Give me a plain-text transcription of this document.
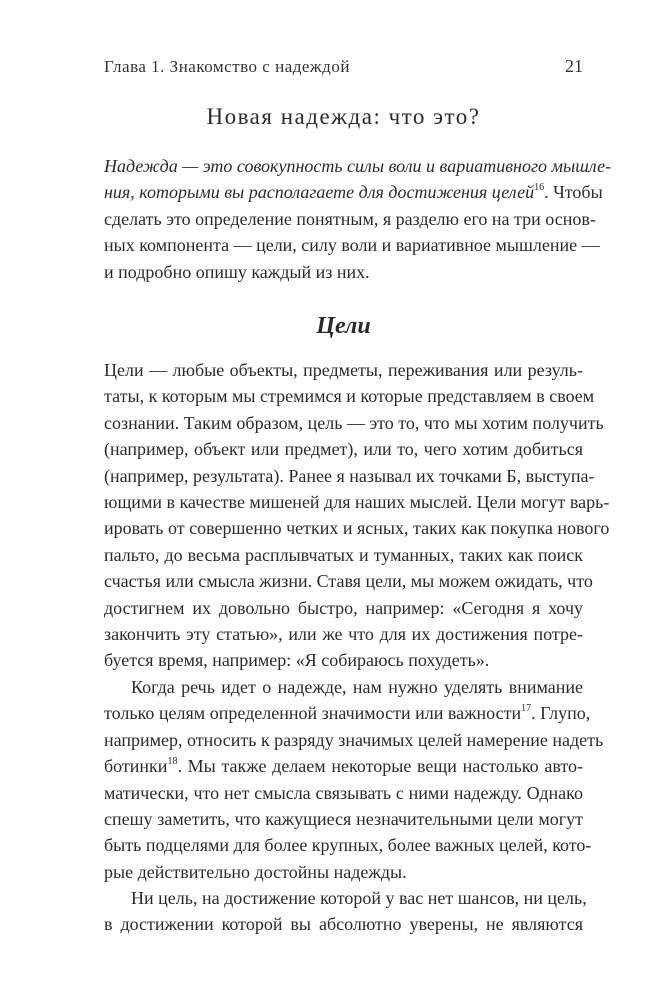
Глава 1. Знакомство с надеждой	21
Новая надежда: что это?

Надежда — это совокупность силы воли и вариативного мышле-
ния, которыми вы располагаете для достижения целей$^{16}$. Чтобы
сделать это определение понятным, я разделю его на три основ-
ных компонента — цели, силу воли и вариативное мышление —
и подробно опишу каждый из них.

Цели

Цели — любые объекты, предметы, переживания или резуль-
таты, к которым мы стремимся и которые представляем в своем
сознании. Таким образом, цель — это то, что мы хотим получить
(например, объект или предмет), или то, чего хотим добиться
(например, результата). Ранее я называл их точками Б, выступа-
ющими в качестве мишеней для наших мыслей. Цели могут варь-
ировать от совершенно четких и ясных, таких как покупка нового
пальто, до весьма расплывчатых и туманных, таких как поиск
счастья или смысла жизни. Ставя цели, мы можем ожидать, что
достигнем их довольно быстро, например: «Сегодня я хочу
закончить эту статью», или же что для их достижения потре-
буется время, например: «Я собираюсь похудеть».

Когда речь идет о надежде, нам нужно уделять внимание
только целям определенной значимости или важности$^{17}$. Глупо,
например, относить к разряду значимых целей намерение надеть
ботинки$^{18}$. Мы также делаем некоторые вещи настолько авто-
матически, что нет смысла связывать с ними надежду. Однако
спешу заметить, что кажущиеся незначительными цели могут
быть подцелями для более крупных, более важных целей, кото-
рые действительно достойны надежды.

Ни цель, на достижение которой у вас нет шансов, ни цель,
в достижении которой вы абсолютно уверены, не являются
